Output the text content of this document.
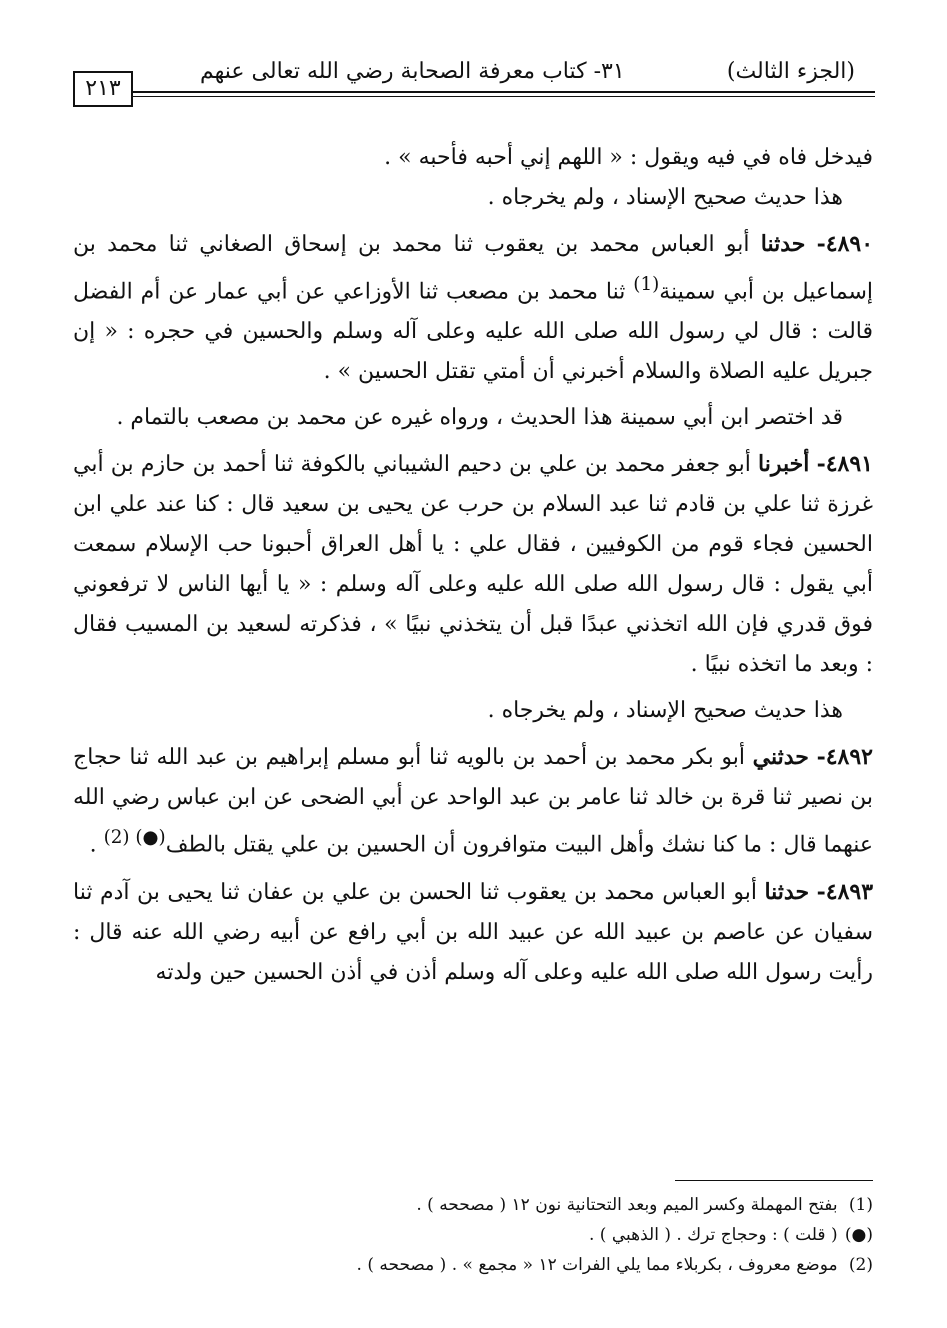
(الجزء الثالث)
٣١- كتاب معرفة الصحابة رضي الله تعالى عنهم
٢١٣

فيدخل فاه في فيه ويقول : « اللهم إني أحبه فأحبه » .

هذا حديث صحيح الإسناد ، ولم يخرجاه .

٤٨٩٠- حدثنا أبو العباس محمد بن يعقوب ثنا محمد بن إسحاق الصغاني ثنا محمد بن إسماعيل بن أبي سمينة$^{(1)}$ ثنا محمد بن مصعب ثنا الأوزاعي عن أبي عمار عن أم الفضل قالت : قال لي رسول الله صلى الله عليه وعلى آله وسلم والحسين في حجره : « إن جبريل عليه الصلاة والسلام أخبرني أن أمتي تقتل الحسين » .

قد اختصر ابن أبي سمينة هذا الحديث ، ورواه غيره عن محمد بن مصعب بالتمام .

٤٨٩١- أخبرنا أبو جعفر محمد بن علي بن دحيم الشيباني بالكوفة ثنا أحمد بن حازم بن أبي غرزة ثنا علي بن قادم ثنا عبد السلام بن حرب عن يحيى بن سعيد قال : كنا عند علي ابن الحسين فجاء قوم من الكوفيين ، فقال علي : يا أهل العراق أحبونا حب الإسلام سمعت أبي يقول : قال رسول الله صلى الله عليه وعلى آله وسلم : « يا أيها الناس لا ترفعوني فوق قدري فإن الله اتخذني عبدًا قبل أن يتخذني نبيًا » ، فذكرته لسعيد بن المسيب فقال : وبعد ما اتخذه نبيًا .

هذا حديث صحيح الإسناد ، ولم يخرجاه .

٤٨٩٢- حدثني أبو بكر محمد بن أحمد بن بالويه ثنا أبو مسلم إبراهيم بن عبد الله ثنا حجاج بن نصير ثنا قرة بن خالد ثنا عامر بن عبد الواحد عن أبي الضحى عن ابن عباس رضي الله عنهما قال : ما كنا نشك وأهل البيت متوافرون أن الحسين بن علي يقتل بالطف$^{(●) (2)}$ .

٤٨٩٣- حدثنا أبو العباس محمد بن يعقوب ثنا الحسن بن علي بن عفان ثنا يحيى بن آدم ثنا سفيان عن عاصم بن عبيد الله عن عبيد الله بن أبي رافع عن أبيه رضي الله عنه قال : رأيت رسول الله صلى الله عليه وعلى آله وسلم أذن في أذن الحسين حين ولدته

(1) بفتح المهملة وكسر الميم وبعد التحتانية نون ١٢ ( مصححه ) .
(●) ( قلت ) : وحجاج ترك . ( الذهبي ) .
(2) موضع معروف ، بكربلاء مما يلي الفرات ١٢ « مجمع » . ( مصححه ) .
